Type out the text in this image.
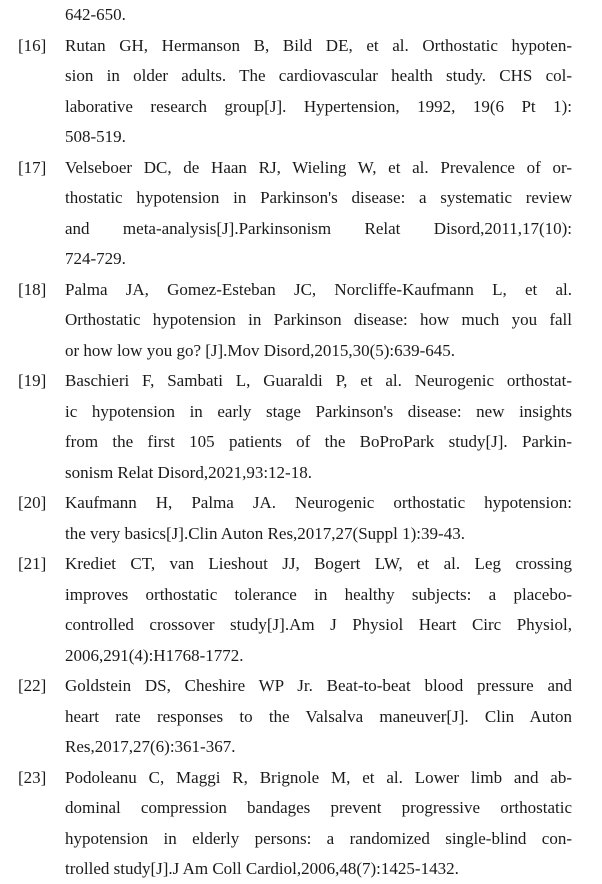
642-650.
[16] Rutan GH, Hermanson B, Bild DE, et al. Orthostatic hypoten-
sion in older adults. The cardiovascular health study. CHS col-
laborative research group[J]. Hypertension, 1992, 19(6 Pt 1):
508-519.
[17] Velseboer DC, de Haan RJ, Wieling W, et al. Prevalence of or-
thostatic hypotension in Parkinson's disease: a systematic review
and meta-analysis[J].Parkinsonism Relat Disord,2011,17(10):
724-729.
[18] Palma JA, Gomez-Esteban JC, Norcliffe-Kaufmann L, et al.
Orthostatic hypotension in Parkinson disease: how much you fall
or how low you go? [J].Mov Disord,2015,30(5):639-645.
[19] Baschieri F, Sambati L, Guaraldi P, et al. Neurogenic orthostat-
ic hypotension in early stage Parkinson's disease: new insights
from the first 105 patients of the BoProPark study[J]. Parkin-
sonism Relat Disord,2021,93:12-18.
[20] Kaufmann H, Palma JA. Neurogenic orthostatic hypotension:
the very basics[J].Clin Auton Res,2017,27(Suppl 1):39-43.
[21] Krediet CT, van Lieshout JJ, Bogert LW, et al. Leg crossing
improves orthostatic tolerance in healthy subjects: a placebo-
controlled crossover study[J].Am J Physiol Heart Circ Physiol,
2006,291(4):H1768-1772.
[22] Goldstein DS, Cheshire WP Jr. Beat-to-beat blood pressure and
heart rate responses to the Valsalva maneuver[J]. Clin Auton
Res,2017,27(6):361-367.
[23] Podoleanu C, Maggi R, Brignole M, et al. Lower limb and ab-
dominal compression bandages prevent progressive orthostatic
hypotension in elderly persons: a randomized single-blind con-
trolled study[J].J Am Coll Cardiol,2006,48(7):1425-1432.
